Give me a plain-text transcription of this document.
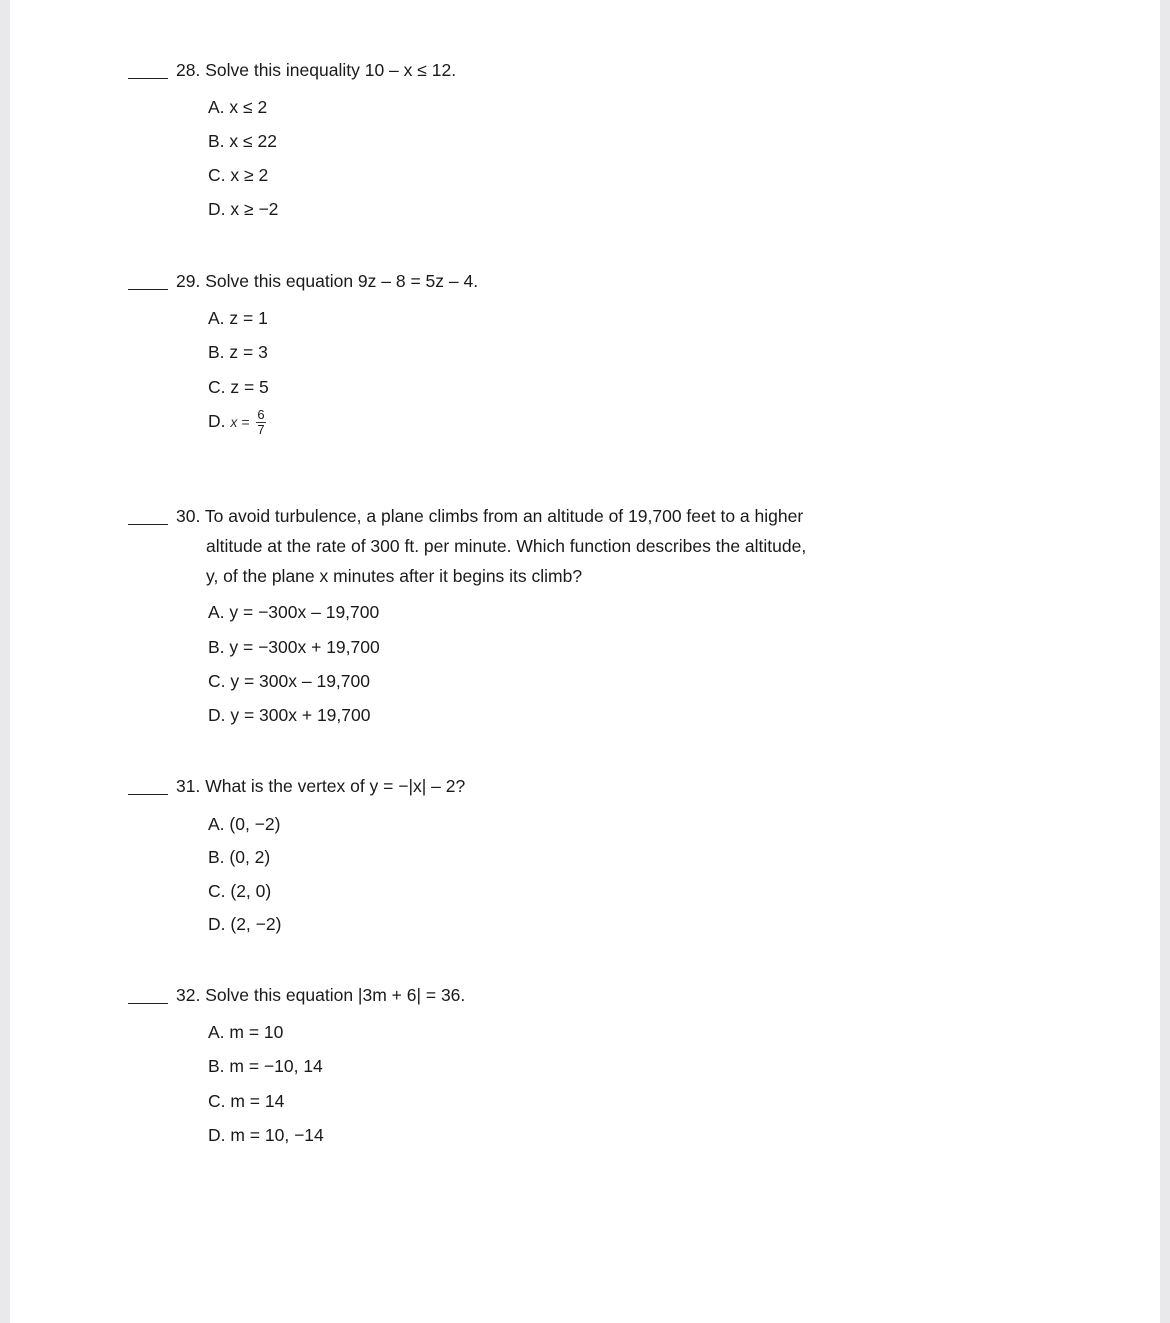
28. Solve this inequality 10 – x ≤ 12.
A. x ≤ 2
B. x ≤ 22
C. x ≥ 2
D. x ≥ −2
29. Solve this equation 9z – 8 = 5z – 4.
A. z = 1
B. z = 3
C. z = 5
D. $x = \frac{6}{7}$
30. To avoid turbulence, a plane climbs from an altitude of 19,700 feet to a higher
altitude at the rate of 300 ft. per minute. Which function describes the altitude,
y, of the plane x minutes after it begins its climb?
A. y = −300x – 19,700
B. y = −300x + 19,700
C. y = 300x – 19,700
D. y = 300x + 19,700
31. What is the vertex of y = −|x| – 2?
A. (0, −2)
B. (0, 2)
C. (2, 0)
D. (2, −2)
32. Solve this equation |3m + 6| = 36.
A. m = 10
B. m = −10, 14
C. m = 14
D. m = 10, −14
